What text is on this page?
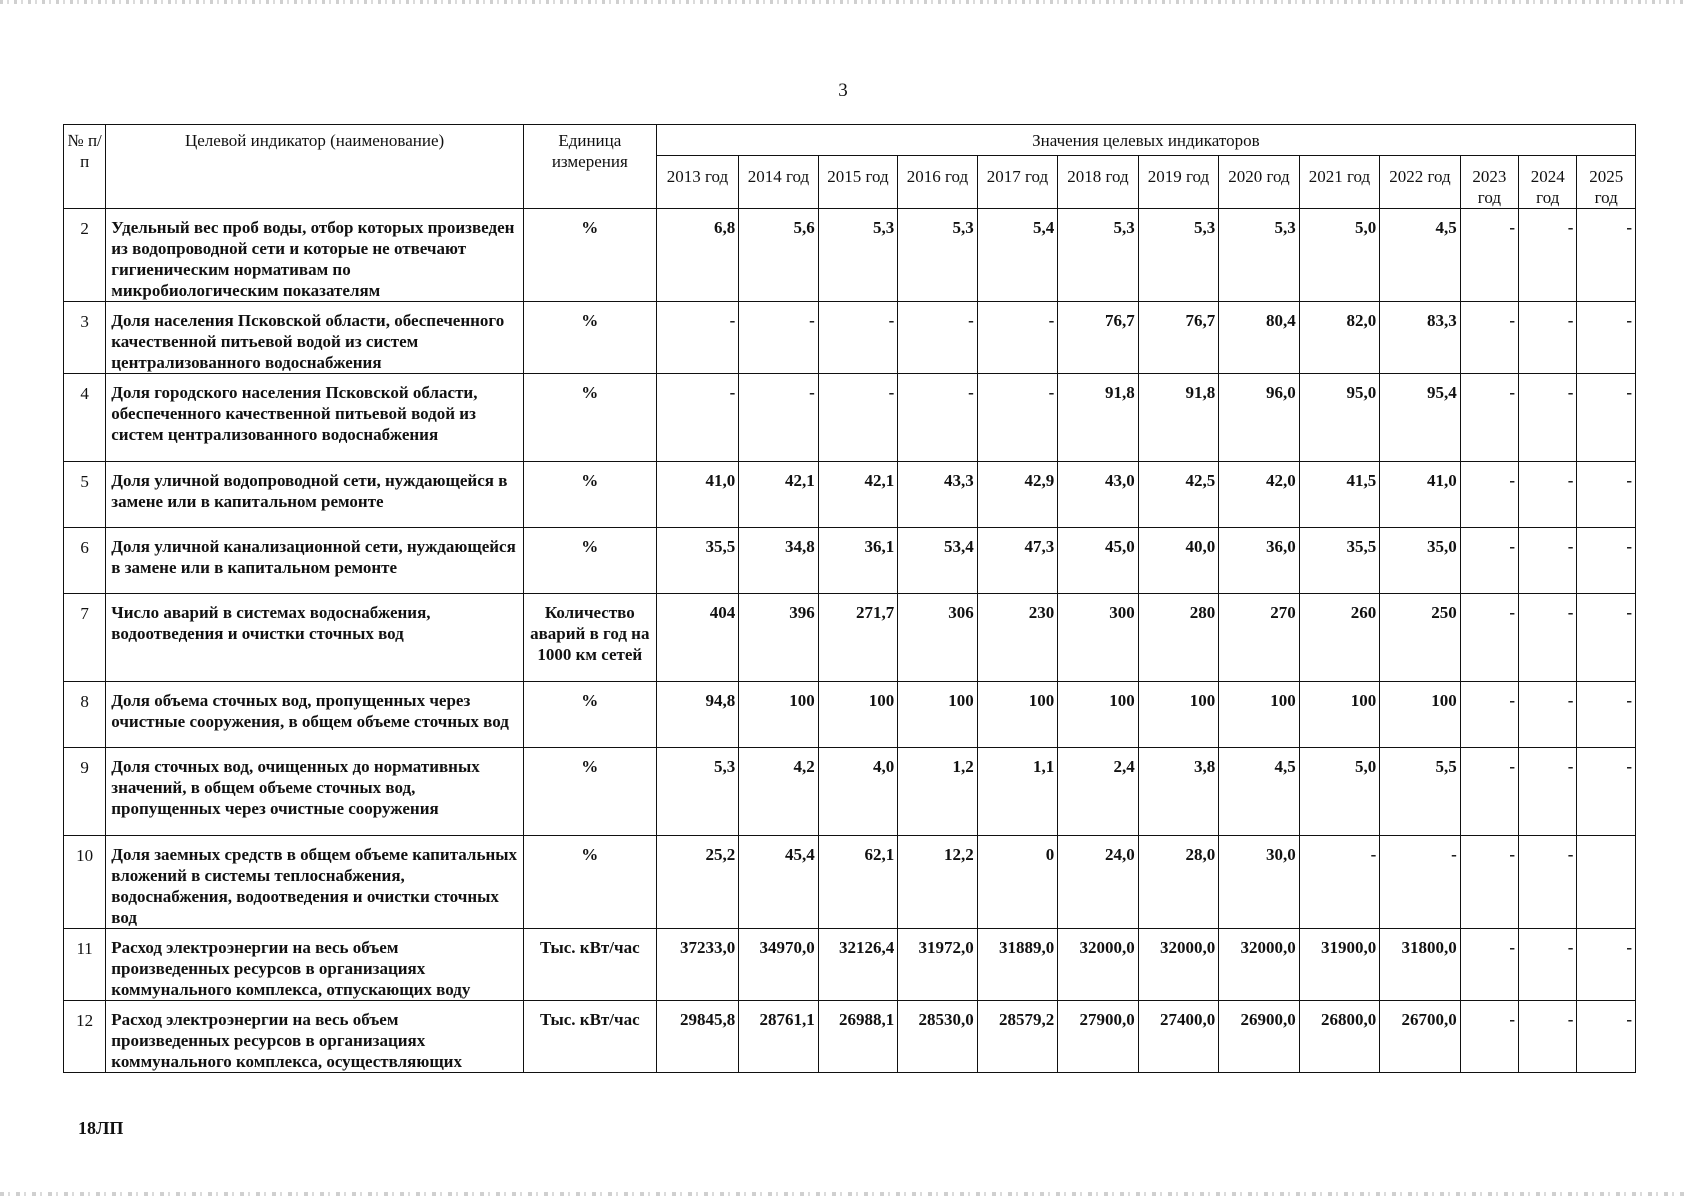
3
№ п/п	Целевой индикатор (наименование)	Единица измерения	Значения целевых индикаторов												
			2013 год	2014 год	2015 год	2016 год	2017 год	2018 год	2019 год	2020 год	2021 год	2022 год	2023 год	2024 год	2025 год
2	Удельный вес проб воды, отбор которых произведен из водопроводной сети и которые не отвечают гигиеническим нормативам по микробиологическим показателям	%	6,8	5,6	5,3	5,3	5,4	5,3	5,3	5,3	5,0	4,5	-	-	-
3	Доля населения Псковской области, обеспеченного качественной питьевой водой из систем централизованного водоснабжения	%	-	-	-	-	-	76,7	76,7	80,4	82,0	83,3	-	-	-
4	Доля городского населения Псковской области, обеспеченного качественной питьевой водой из систем централизованного водоснабжения	%	-	-	-	-	-	91,8	91,8	96,0	95,0	95,4	-	-	-
5	Доля уличной водопроводной сети, нуждающейся в замене или в капитальном ремонте	%	41,0	42,1	42,1	43,3	42,9	43,0	42,5	42,0	41,5	41,0	-	-	-
6	Доля уличной канализационной сети, нуждающейся в замене или в капитальном ремонте	%	35,5	34,8	36,1	53,4	47,3	45,0	40,0	36,0	35,5	35,0	-	-	-
7	Число аварий в системах водоснабжения, водоотведения и очистки сточных вод	Количество аварий в год на 1000 км сетей	404	396	271,7	306	230	300	280	270	260	250	-	-	-
8	Доля объема сточных вод, пропущенных через очистные сооружения, в общем объеме сточных вод	%	94,8	100	100	100	100	100	100	100	100	100	-	-	-
9	Доля сточных вод, очищенных до нормативных значений, в общем объеме сточных вод, пропущенных через очистные сооружения	%	5,3	4,2	4,0	1,2	1,1	2,4	3,8	4,5	5,0	5,5	-	-	-
10	Доля заемных средств в общем объеме капитальных вложений в системы теплоснабжения, водоснабжения, водоотведения и очистки сточных вод	%	25,2	45,4	62,1	12,2	0	24,0	28,0	30,0	-	-	-	-	
11	Расход электроэнергии на весь объем произведенных ресурсов в организациях коммунального комплекса, отпускающих воду	Тыс. кВт/час	37233,0	34970,0	32126,4	31972,0	31889,0	32000,0	32000,0	32000,0	31900,0	31800,0	-	-	-
12	Расход электроэнергии на весь объем произведенных ресурсов в организациях коммунального комплекса, осуществляющих	Тыс. кВт/час	29845,8	28761,1	26988,1	28530,0	28579,2	27900,0	27400,0	26900,0	26800,0	26700,0	-	-	-
18ЛП
